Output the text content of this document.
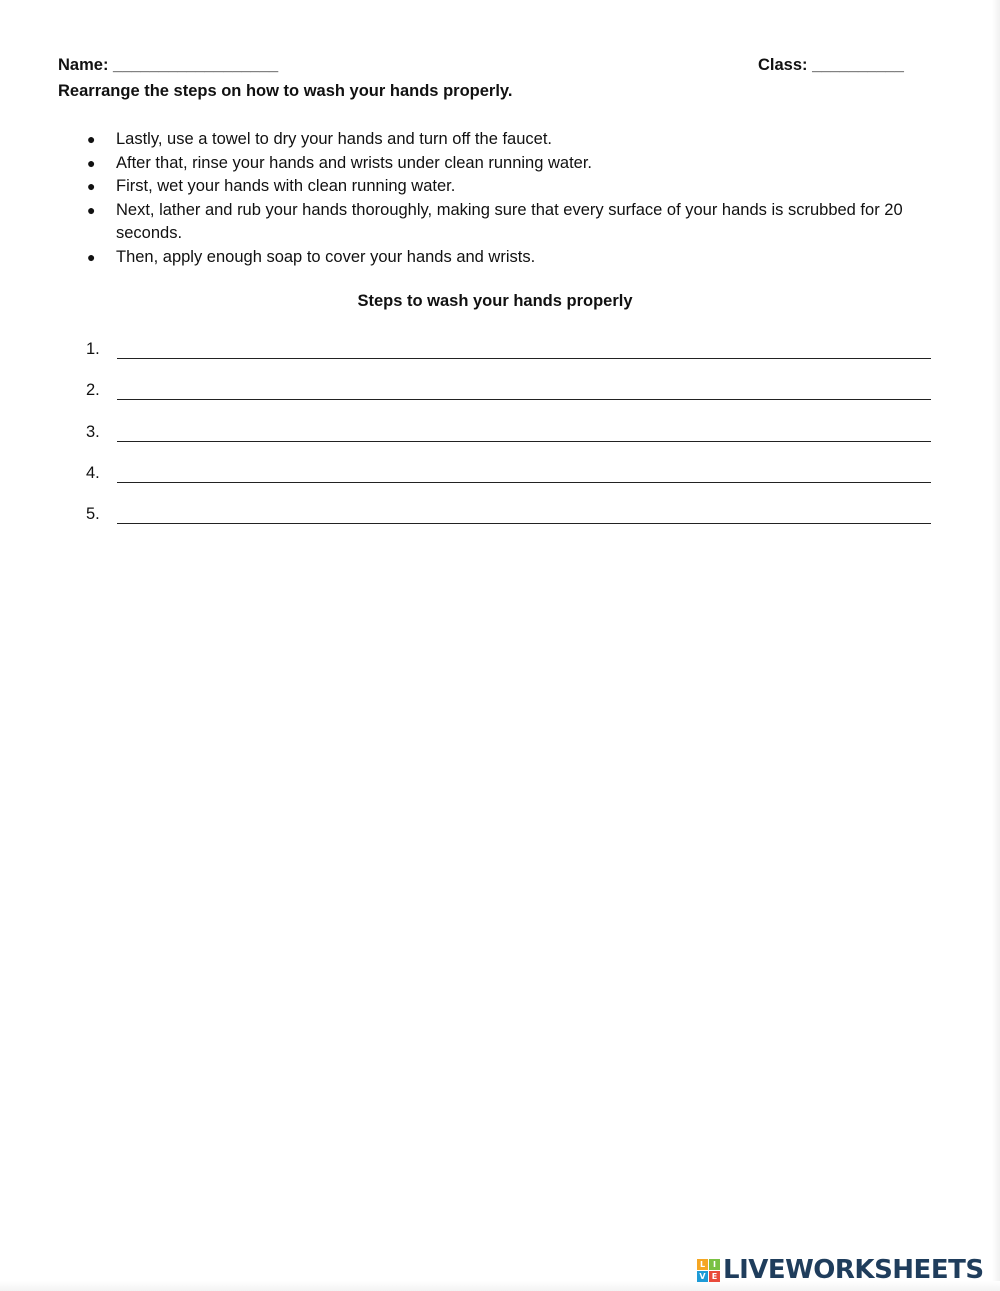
Name: __________________	Class: __________
Rearrange the steps on how to wash your hands properly.
● Lastly, use a towel to dry your hands and turn off the faucet.
● After that, rinse your hands and wrists under clean running water.
● First, wet your hands with clean running water.
● Next, lather and rub your hands thoroughly, making sure that every surface of your hands is scrubbed for 20 seconds.
● Then, apply enough soap to cover your hands and wrists.
Steps to wash your hands properly
1.
2.
3.
4.
5.
L I
V E LIVEWORKSHEETS
